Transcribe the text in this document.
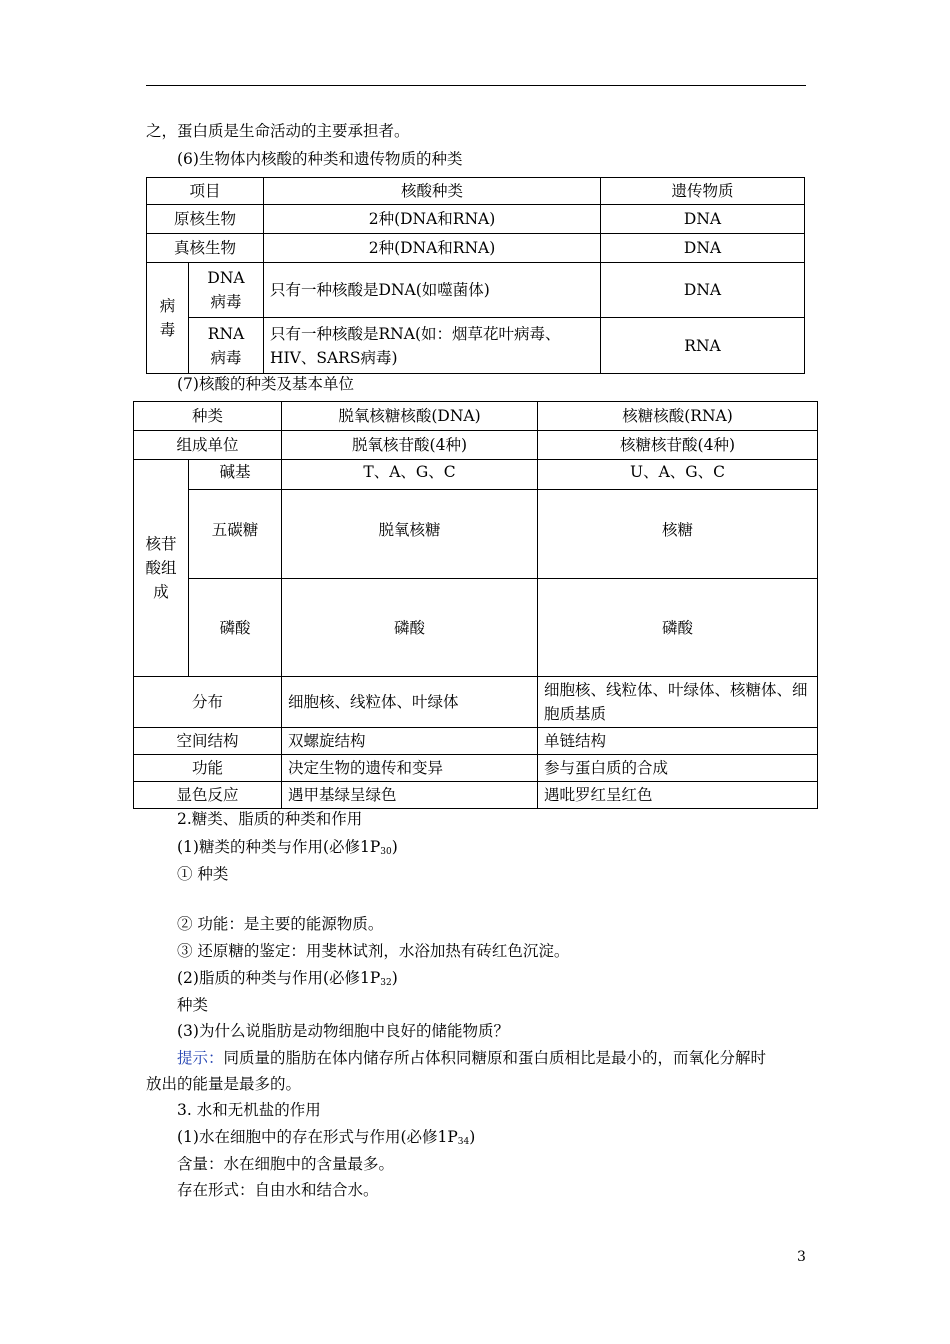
之，蛋白质是生命活动的主要承担者。
(6)生物体内核酸的种类和遗传物质的种类
项目		核酸种类	遗传物质
原核生物		2种(DNA和RNA)	DNA
真核生物		2种(DNA和RNA)	DNA
病毒	DNA病毒	只有一种核酸是DNA(如噬菌体)	DNA
	RNA病毒	只有一种核酸是RNA(如：烟草花叶病毒、HIV、SARS病毒)	RNA
(7)核酸的种类及基本单位
种类		脱氧核糖核酸(DNA)	核糖核酸(RNA)
组成单位		脱氧核苷酸(4种)	核糖核苷酸(4种)
核苷酸组成	碱基	T、A、G、C	U、A、G、C
	五碳糖	脱氧核糖	核糖
	磷酸	磷酸	磷酸
分布		细胞核、线粒体、叶绿体	细胞核、线粒体、叶绿体、核糖体、细胞质基质
空间结构		双螺旋结构	单链结构
功能		决定生物的遗传和变异	参与蛋白质的合成
显色反应		遇甲基绿呈绿色	遇吡罗红呈红色
2.糖类、脂质的种类和作用
(1)糖类的种类与作用(必修$1P_{30}$)
① 种类
② 功能：是主要的能源物质。
③ 还原糖的鉴定：用斐林试剂，水浴加热有砖红色沉淀。
(2)脂质的种类与作用(必修$1P_{32}$)
种类
(3)为什么说脂肪是动物细胞中良好的储能物质？
提示：同质量的脂肪在体内储存所占体积同糖原和蛋白质相比是最小的，而氧化分解时
放出的能量是最多的。
3. 水和无机盐的作用
(1)水在细胞中的存在形式与作用(必修$1P_{34}$)
含量：水在细胞中的含量最多。
存在形式：自由水和结合水。
3
